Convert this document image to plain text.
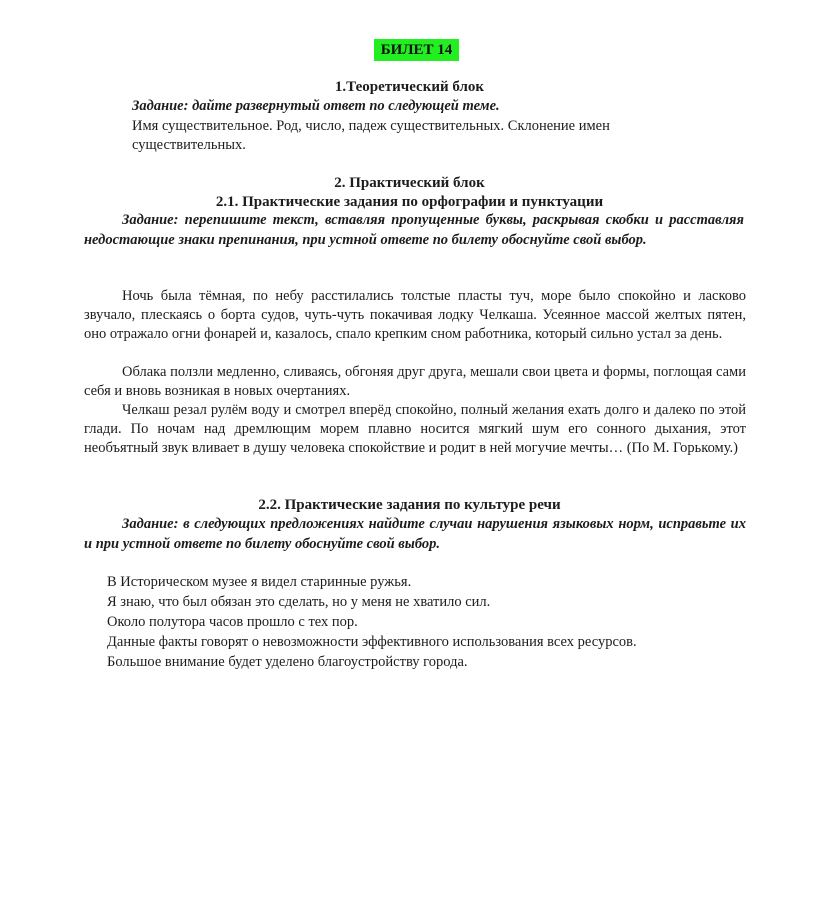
БИЛЕТ 14
1.Теоретический блок
Задание: дайте развернутый ответ по следующей теме.
Имя существительное. Род, число, падеж существительных. Склонение имен существительных.
2. Практический блок
2.1. Практические задания по орфографии и пунктуации
Задание: перепишите текст, вставляя пропущенные буквы, раскрывая скобки и расставляя недостающие знаки препинания, при устной ответе по билету обоснуйте свой выбор.
Ночь была тёмная, по небу расстилались толстые пласты туч, море было спокойно и ласково звучало, плескаясь о борта судов, чуть-чуть покачивая лодку Челкаша. Усеянное массой желтых пятен, оно отражало огни фонарей и, казалось, спало крепким сном работника, который сильно устал за день.
Облака ползли медленно, сливаясь, обгоняя друг друга, мешали свои цвета и формы, поглощая сами себя и вновь возникая в новых очертаниях.
Челкаш резал рулём воду и смотрел вперёд спокойно, полный желания ехать долго и далеко по этой глади. По ночам над дремлющим морем плавно носится мягкий шум его сонного дыхания, этот необъятный звук вливает в душу человека спокойствие и родит в ней могучие мечты… (По М. Горькому.)
2.2. Практические задания по культуре речи
Задание: в следующих предложениях найдите случаи нарушения языковых норм, исправьте их и при устной ответе по билету обоснуйте свой выбор.
В Историческом музее я видел старинные ружья.
Я знаю, что был обязан это сделать, но у меня не хватило сил.
Около полутора часов прошло с тех пор.
Данные факты говорят о невозможности эффективного использования всех ресурсов.
Большое внимание будет уделено благоустройству города.
